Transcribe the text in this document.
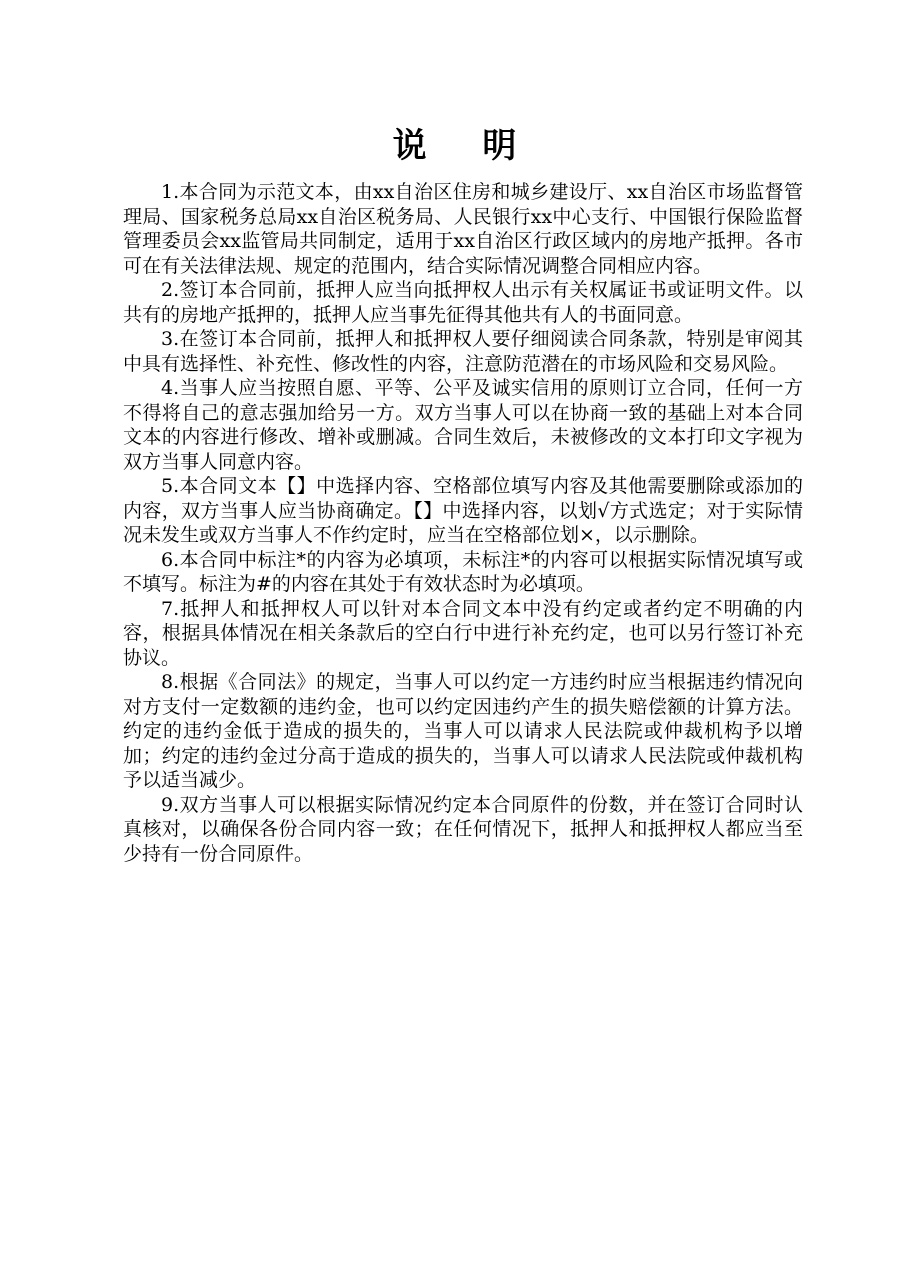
说 明

1.本合同为示范文本，由xx自治区住房和城乡建设厅、xx自治区市场监督管理局、国家税务总局xx自治区税务局、人民银行xx中心支行、中国银行保险监督管理委员会xx监管局共同制定，适用于xx自治区行政区域内的房地产抵押。各市可在有关法律法规、规定的范围内，结合实际情况调整合同相应内容。

2.签订本合同前，抵押人应当向抵押权人出示有关权属证书或证明文件。以共有的房地产抵押的，抵押人应当事先征得其他共有人的书面同意。

3.在签订本合同前，抵押人和抵押权人要仔细阅读合同条款，特别是审阅其中具有选择性、补充性、修改性的内容，注意防范潜在的市场风险和交易风险。

4.当事人应当按照自愿、平等、公平及诚实信用的原则订立合同，任何一方不得将自己的意志强加给另一方。双方当事人可以在协商一致的基础上对本合同文本的内容进行修改、增补或删减。合同生效后，未被修改的文本打印文字视为双方当事人同意内容。

5.本合同文本【】中选择内容、空格部位填写内容及其他需要删除或添加的内容，双方当事人应当协商确定。【】中选择内容，以划√方式选定；对于实际情况未发生或双方当事人不作约定时，应当在空格部位划×，以示删除。

6.本合同中标注*的内容为必填项，未标注*的内容可以根据实际情况填写或不填写。标注为#的内容在其处于有效状态时为必填项。

7.抵押人和抵押权人可以针对本合同文本中没有约定或者约定不明确的内容，根据具体情况在相关条款后的空白行中进行补充约定，也可以另行签订补充协议。

8.根据《合同法》的规定，当事人可以约定一方违约时应当根据违约情况向对方支付一定数额的违约金，也可以约定因违约产生的损失赔偿额的计算方法。约定的违约金低于造成的损失的，当事人可以请求人民法院或仲裁机构予以增加；约定的违约金过分高于造成的损失的，当事人可以请求人民法院或仲裁机构予以适当减少。

9.双方当事人可以根据实际情况约定本合同原件的份数，并在签订合同时认真核对，以确保各份合同内容一致；在任何情况下，抵押人和抵押权人都应当至少持有一份合同原件。
